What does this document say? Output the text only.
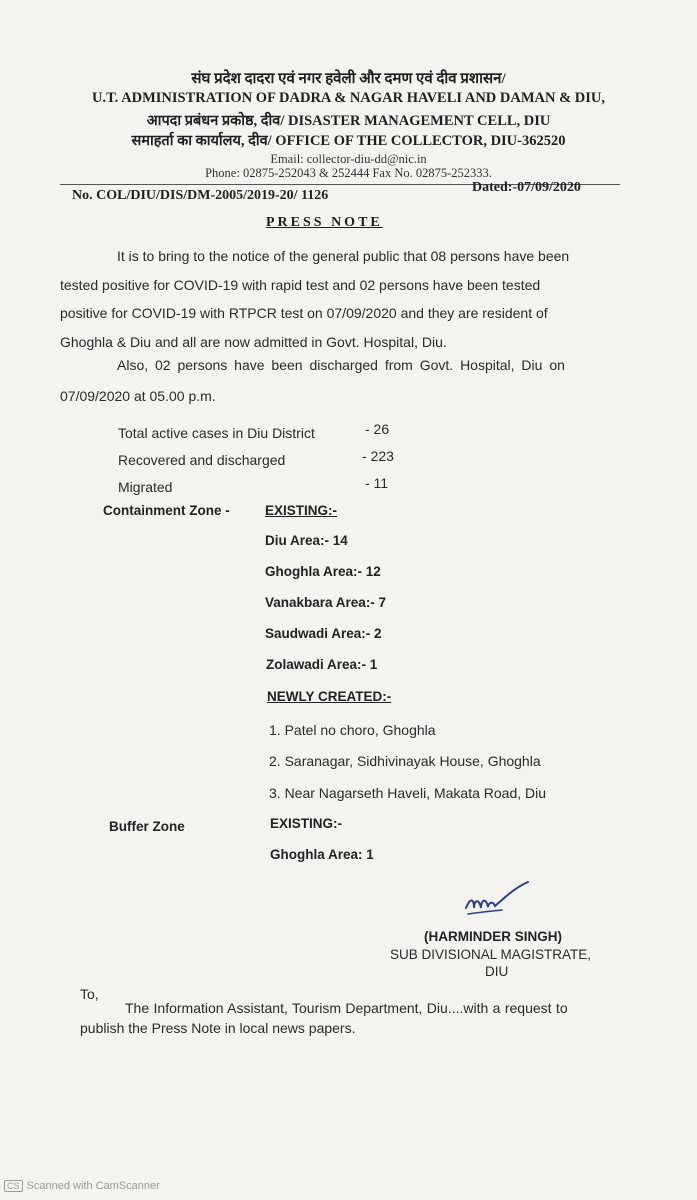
संघ प्रदेश दादरा एवं नगर हवेली और दमण एवं दीव प्रशासन/
U.T. ADMINISTRATION OF DADRA & NAGAR HAVELI AND DAMAN & DIU,
आपदा प्रबंधन प्रकोष्ठ, दीव/ DISASTER MANAGEMENT CELL, DIU
समाहर्ता का कार्यालय, दीव/ OFFICE OF THE COLLECTOR, DIU-362520
Email: collector-diu-dd@nic.in
Phone: 02875-252043 & 252444 Fax No. 02875-252333.
No. COL/DIU/DIS/DM-2005/2019-20/ 1126
Dated:-07/09/2020
PRESS NOTE
It is to bring to the notice of the general public that 08 persons have been
tested positive for COVID-19 with rapid test and 02 persons have been tested
positive for COVID-19 with RTPCR test on 07/09/2020 and they are resident of
Ghoghla & Diu and all are now admitted in Govt. Hospital, Diu.
Also, 02 persons have been discharged from Govt. Hospital, Diu on
07/09/2020 at 05.00 p.m.
Total active cases in Diu District	- 26
Recovered and discharged	- 223
Migrated	- 11
Containment Zone -	EXISTING:-
Diu Area:- 14
Ghoghla Area:- 12
Vanakbara Area:- 7
Saudwadi Area:- 2
Zolawadi Area:- 1
NEWLY CREATED:-
1. Patel no choro, Ghoghla
2. Saranagar, Sidhivinayak House, Ghoghla
3. Near Nagarseth Haveli, Makata Road, Diu
Buffer Zone	EXISTING:-
Ghoghla Area: 1
(HARMINDER SINGH)
SUB DIVISIONAL MAGISTRATE,
DIU
To,
The Information Assistant, Tourism Department, Diu....with a request to
publish the Press Note in local news papers.
CS Scanned with CamScanner
